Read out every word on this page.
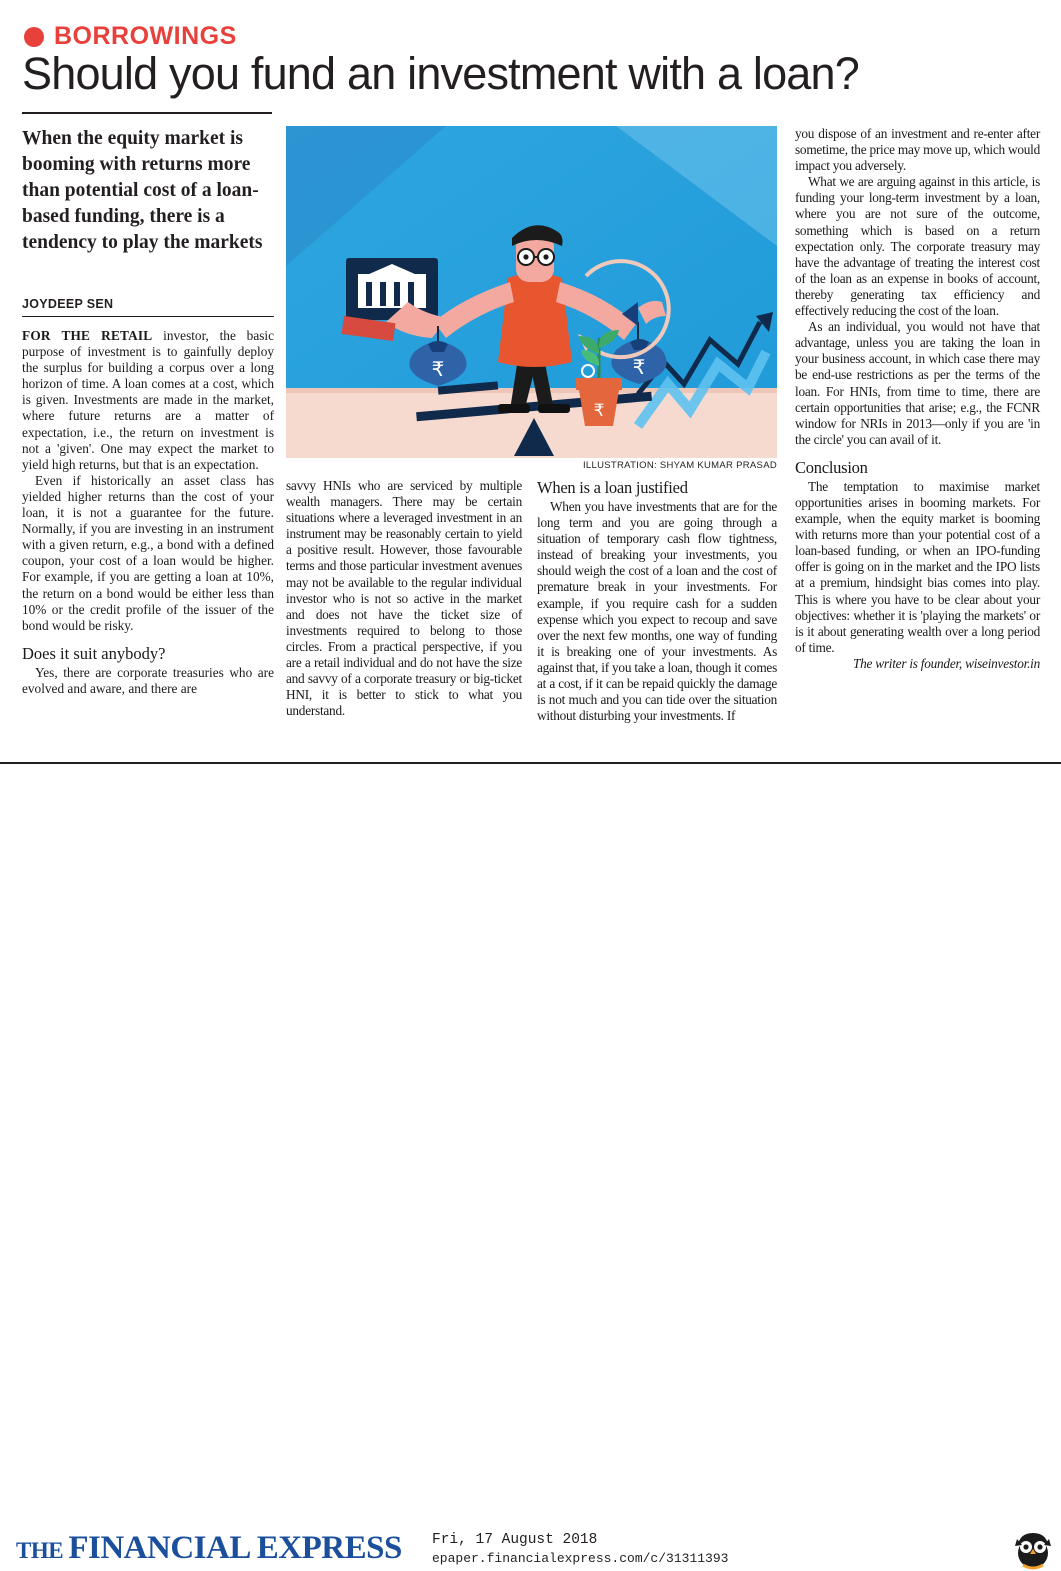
BORROWINGS
Should you fund an investment with a loan?
When the equity market is booming with returns more than potential cost of a loan-based funding, there is a tendency to play the markets
JOYDEEP SEN
₹	₹
₹
ILLUSTRATION: SHYAM KUMAR PRASAD

FOR THE RETAIL investor, the basic purpose of investment is to gainfully deploy the surplus for building a corpus over a long horizon of time. A loan comes at a cost, which is given. Investments are made in the market, where future returns are a matter of expectation, i.e., the return on investment is not a 'given'. One may expect the market to yield high returns, but that is an expectation.

Even if historically an asset class has yielded higher returns than the cost of your loan, it is not a guarantee for the future. Normally, if you are investing in an instrument with a given return, e.g., a bond with a defined coupon, your cost of a loan would be higher. For example, if you are getting a loan at 10%, the return on a bond would be either less than 10% or the credit profile of the issuer of the bond would be risky.

Does it suit anybody?

Yes, there are corporate treasuries who are evolved and aware, and there are

savvy HNIs who are serviced by multiple wealth managers. There may be certain situations where a leveraged investment in an instrument may be reasonably certain to yield a positive result. However, those favourable terms and those particular investment avenues may not be available to the regular individual investor who is not so active in the market and does not have the ticket size of investments required to belong to those circles. From a practical perspective, if you are a retail individual and do not have the size and savvy of a corporate treasury or big-ticket HNI, it is better to stick to what you understand.

When is a loan justified

When you have investments that are for the long term and you are going through a situation of temporary cash flow tightness, instead of breaking your investments, you should weigh the cost of a loan and the cost of premature break in your investments. For example, if you require cash for a sudden expense which you expect to recoup and save over the next few months, one way of funding it is breaking one of your investments. As against that, if you take a loan, though it comes at a cost, if it can be repaid quickly the damage is not much and you can tide over the situation without disturbing your investments. If

you dispose of an investment and re-enter after sometime, the price may move up, which would impact you adversely.

What we are arguing against in this article, is funding your long-term investment by a loan, where you are not sure of the outcome, something which is based on a return expectation only. The corporate treasury may have the advantage of treating the interest cost of the loan as an expense in books of account, thereby generating tax efficiency and effectively reducing the cost of the loan.

As an individual, you would not have that advantage, unless you are taking the loan in your business account, in which case there may be end-use restrictions as per the terms of the loan. For HNIs, from time to time, there are certain opportunities that arise; e.g., the FCNR window for NRIs in 2013—only if you are 'in the circle' you can avail of it.

Conclusion

The temptation to maximise market opportunities arises in booming markets. For example, when the equity market is booming with returns more than your potential cost of a loan-based funding, or when an IPO-funding offer is going on in the market and the IPO lists at a premium, hindsight bias comes into play. This is where you have to be clear about your objectives: whether it is 'playing the markets' or is it about generating wealth over a long period of time.

The writer is founder, wiseinvestor.in

THE FINANCIAL EXPRESS Fri, 17 August 2018
epaper.financialexpress.com/c/31311393
